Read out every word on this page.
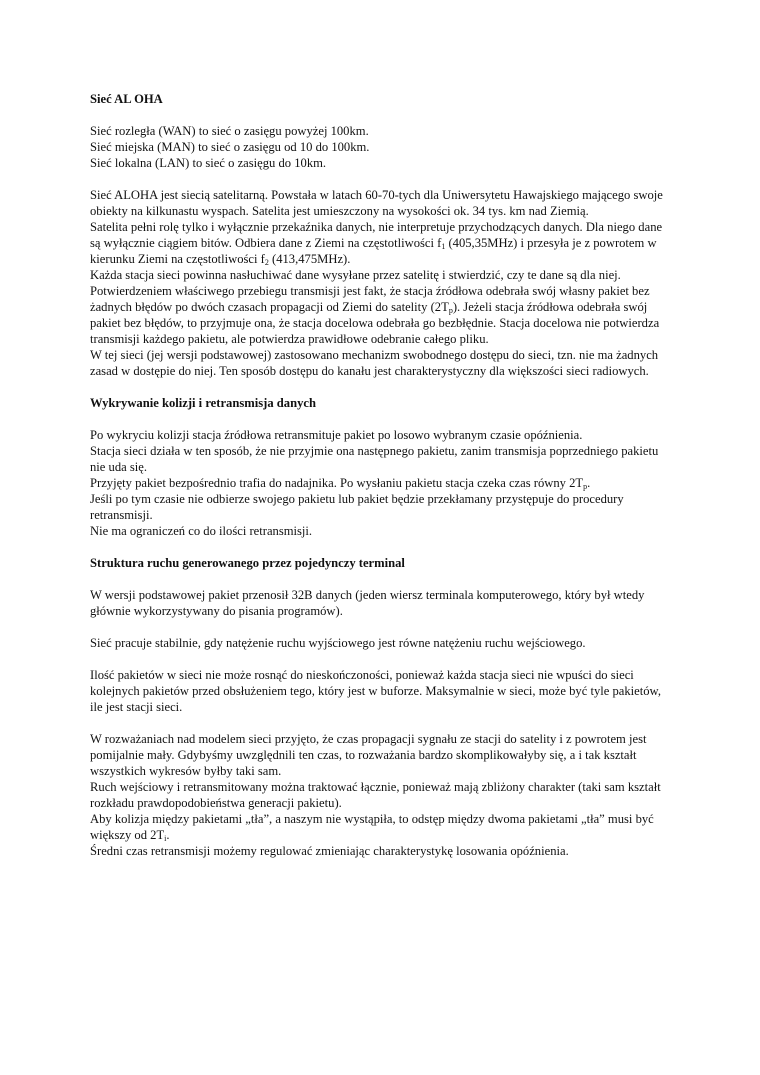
Sieć AL OHA

Sieć rozległa (WAN) to sieć o zasięgu powyżej 100km.

Sieć miejska (MAN) to sieć o zasięgu od 10 do 100km.

Sieć lokalna (LAN) to sieć o zasięgu do 10km.

Sieć ALOHA jest siecią satelitarną. Powstała w latach 60-70-tych dla Uniwersytetu Hawajskiego mającego swoje obiekty na kilkunastu wyspach. Satelita jest umieszczony na wysokości ok. 34 tys. km nad Ziemią.

Satelita pełni rolę tylko i wyłącznie przekaźnika danych, nie interpretuje przychodzących danych. Dla niego dane są wyłącznie ciągiem bitów. Odbiera dane z Ziemi na częstotliwości $f_1$ (405,35MHz) i przesyła je z powrotem w kierunku Ziemi na częstotliwości $f_2$ (413,475MHz).

Każda stacja sieci powinna nasłuchiwać dane wysyłane przez satelitę i stwierdzić, czy te dane są dla niej.

Potwierdzeniem właściwego przebiegu transmisji jest fakt, że stacja źródłowa odebrała swój własny pakiet bez żadnych błędów po dwóch czasach propagacji od Ziemi do satelity $(2T_p)$. Jeżeli stacja źródłowa odebrała swój pakiet bez błędów, to przyjmuje ona, że stacja docelowa odebrała go bezbłędnie. Stacja docelowa nie potwierdza transmisji każdego pakietu, ale potwierdza prawidłowe odebranie całego pliku.

W tej sieci (jej wersji podstawowej) zastosowano mechanizm swobodnego dostępu do sieci, tzn. nie ma żadnych zasad w dostępie do niej. Ten sposób dostępu do kanału jest charakterystyczny dla większości sieci radiowych.

Wykrywanie kolizji i retransmisja danych

Po wykryciu kolizji stacja źródłowa retransmituje pakiet po losowo wybranym czasie opóźnienia.

Stacja sieci działa w ten sposób, że nie przyjmie ona następnego pakietu, zanim transmisja poprzedniego pakietu nie uda się.

Przyjęty pakiet bezpośrednio trafia do nadajnika. Po wysłaniu pakietu stacja czeka czas równy $2T_p$.

Jeśli po tym czasie nie odbierze swojego pakietu lub pakiet będzie przekłamany przystępuje do procedury retransmisji.

Nie ma ograniczeń co do ilości retransmisji.

Struktura ruchu generowanego przez pojedynczy terminal

W wersji podstawowej pakiet przenosił 32B danych (jeden wiersz terminala komputerowego, który był wtedy głównie wykorzystywany do pisania programów).

Sieć pracuje stabilnie, gdy natężenie ruchu wyjściowego jest równe natężeniu ruchu wejściowego.

Ilość pakietów w sieci nie może rosnąć do nieskończoności, ponieważ każda stacja sieci nie wpuści do sieci kolejnych pakietów przed obsłużeniem tego, który jest w buforze. Maksymalnie w sieci, może być tyle pakietów, ile jest stacji sieci.

W rozważaniach nad modelem sieci przyjęto, że czas propagacji sygnału ze stacji do satelity i z powrotem jest pomijalnie mały. Gdybyśmy uwzględnili ten czas, to rozważania bardzo skomplikowałyby się, a i tak kształt wszystkich wykresów byłby taki sam.

Ruch wejściowy i retransmitowany można traktować łącznie, ponieważ mają zbliżony charakter (taki sam kształt rozkładu prawdopodobieństwa generacji pakietu).

Aby kolizja między pakietami „tła”, a naszym nie wystąpiła, to odstęp między dwoma pakietami „tła” musi być większy od $2T_i$.

Średni czas retransmisji możemy regulować zmieniając charakterystykę losowania opóźnienia.
